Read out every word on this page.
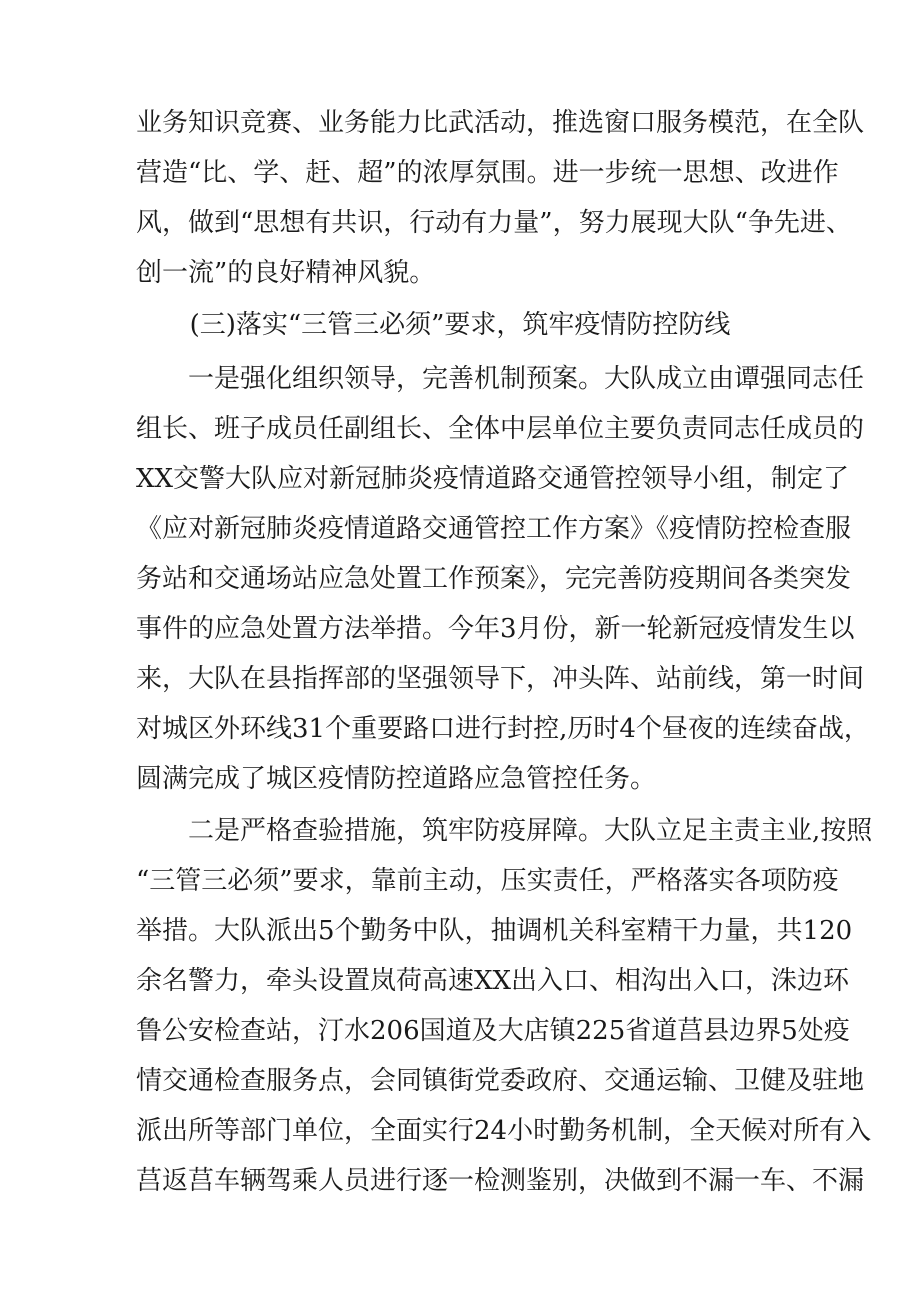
业务知识竞赛、业务能力比武活动，推选窗口服务模范，在全队
营造“比、学、赶、超”的浓厚氛围。进一步统一思想、改进作
风，做到“思想有共识，行动有力量”，努力展现大队“争先进、
创一流”的良好精神风貌。
(三)落实“三管三必须”要求，筑牢疫情防控防线
一是强化组织领导，完善机制预案。大队成立由谭强同志任
组长、班子成员任副组长、全体中层单位主要负责同志任成员的
XX交警大队应对新冠肺炎疫情道路交通管控领导小组，制定了
《应对新冠肺炎疫情道路交通管控工作方案》《疫情防控检查服
务站和交通场站应急处置工作预案》，完完善防疫期间各类突发
事件的应急处置方法举措。今年3月份，新一轮新冠疫情发生以
来，大队在县指挥部的坚强领导下，冲头阵、站前线，第一时间
对城区外环线31个重要路口进行封控,历时4个昼夜的连续奋战，
圆满完成了城区疫情防控道路应急管控任务。
二是严格查验措施，筑牢防疫屏障。大队立足主责主业,按照
“三管三必须”要求，靠前主动，压实责任，严格落实各项防疫
举措。大队派出5个勤务中队，抽调机关科室精干力量，共120
余名警力，牵头设置岚荷高速XX出入口、相沟出入口，洙边环
鲁公安检查站，汀水206国道及大店镇225省道莒县边界5处疫
情交通检查服务点，会同镇街党委政府、交通运输、卫健及驻地
派出所等部门单位，全面实行24小时勤务机制，全天候对所有入
莒返莒车辆驾乘人员进行逐一检测鉴别，决做到不漏一车、不漏
